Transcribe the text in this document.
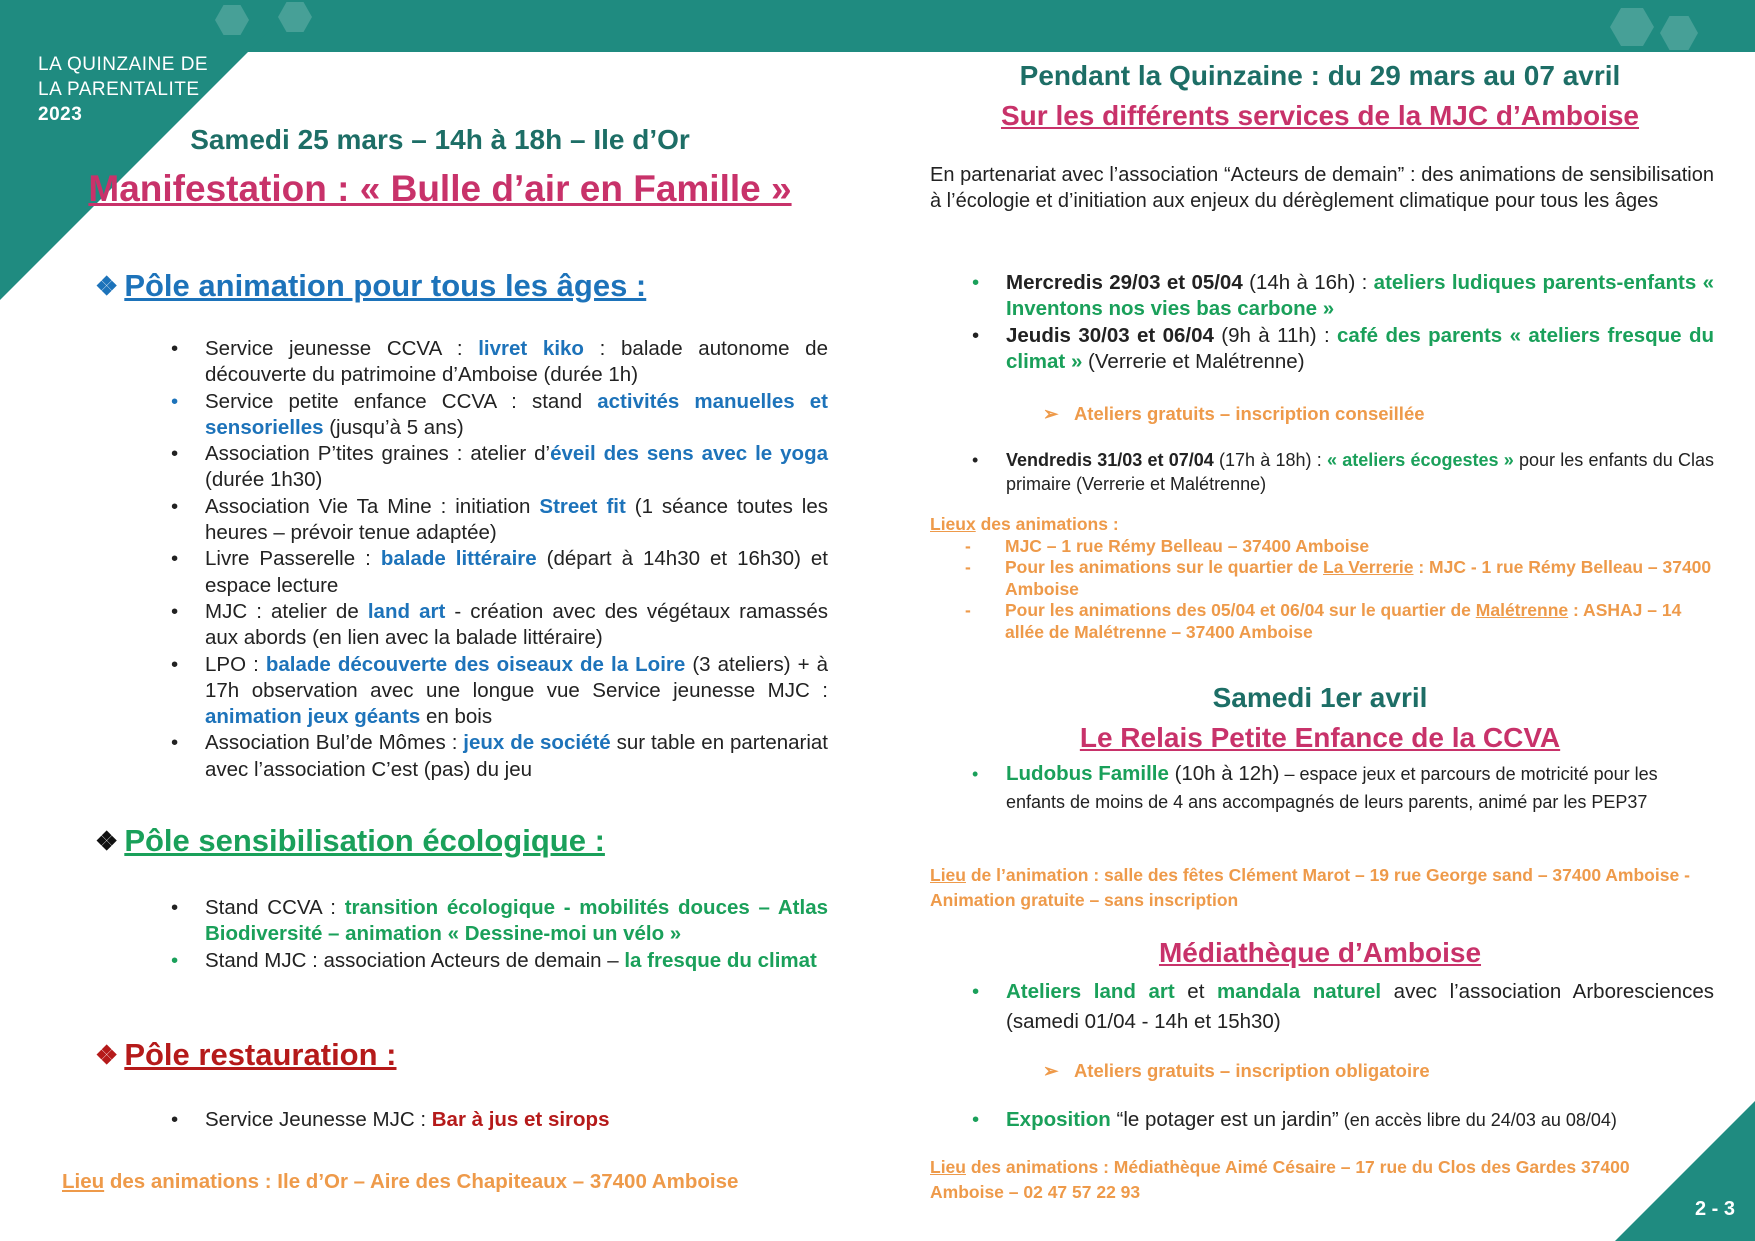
LA QUINZAINE DE
LA PARENTALITE
2023
Samedi 25 mars – 14h à 18h – Ile d’Or
Manifestation : « Bulle d’air en Famille »
❖ Pôle animation pour tous les âges :
• Service jeunesse CCVA : livret kiko : balade autonome de découverte du patrimoine d’Amboise (durée 1h)
• Service petite enfance CCVA : stand activités manuelles et sensorielles (jusqu’à 5 ans)
• Association P’tites graines : atelier d’éveil des sens avec le yoga (durée 1h30)
• Association Vie Ta Mine : initiation Street fit (1 séance toutes les heures – prévoir tenue adaptée)
• Livre Passerelle : balade littéraire (départ à 14h30 et 16h30) et espace lecture
• MJC : atelier de land art - création avec des végétaux ramassés aux abords (en lien avec la balade littéraire)
• LPO : balade découverte des oiseaux de la Loire (3 ateliers) + à 17h observation avec une longue vue Service jeunesse MJC : animation jeux géants en bois
• Association Bul’de Mômes : jeux de société sur table en partenariat avec l’association C’est (pas) du jeu
❖ Pôle sensibilisation écologique :
• Stand CCVA : transition écologique - mobilités douces – Atlas Biodiversité – animation « Dessine-moi un vélo »
• Stand MJC : association Acteurs de demain – la fresque du climat
❖ Pôle restauration :
• Service Jeunesse MJC : Bar à jus et sirops
Lieu des animations : Ile d’Or – Aire des Chapiteaux – 37400 Amboise
Pendant la Quinzaine : du 29 mars au 07 avril
Sur les différents services de la MJC d’Amboise
En partenariat avec l’association “Acteurs de demain” : des animations de sensibilisation à l’écologie et d’initiation aux enjeux du dérèglement climatique pour tous les âges
• Mercredis 29/03 et 05/04 (14h à 16h) : ateliers ludiques parents-enfants « Inventons nos vies bas carbone »
• Jeudis 30/03 et 06/04 (9h à 11h) : café des parents « ateliers fresque du climat » (Verrerie et Malétrenne)
➢ Ateliers gratuits – inscription conseillée
• Vendredis 31/03 et 07/04 (17h à 18h) : « ateliers écogestes » pour les enfants du Clas primaire (Verrerie et Malétrenne)
Lieux des animations :
- MJC – 1 rue Rémy Belleau – 37400 Amboise
- Pour les animations sur le quartier de La Verrerie : MJC - 1 rue Rémy Belleau – 37400 Amboise
- Pour les animations des 05/04 et 06/04 sur le quartier de Malétrenne : ASHAJ – 14 allée de Malétrenne – 37400 Amboise
Samedi 1er avril
Le Relais Petite Enfance de la CCVA
• Ludobus Famille (10h à 12h) – espace jeux et parcours de motricité pour les enfants de moins de 4 ans accompagnés de leurs parents, animé par les PEP37
Lieu de l’animation : salle des fêtes Clément Marot – 19 rue George sand – 37400 Amboise - Animation gratuite – sans inscription
Médiathèque d’Amboise
• Ateliers land art et mandala naturel avec l’association Arboresciences (samedi 01/04 - 14h et 15h30)
➢ Ateliers gratuits – inscription obligatoire
• Exposition “le potager est un jardin” (en accès libre du 24/03 au 08/04)
Lieu des animations : Médiathèque Aimé Césaire – 17 rue du Clos des Gardes 37400 Amboise – 02 47 57 22 93
2 - 3
